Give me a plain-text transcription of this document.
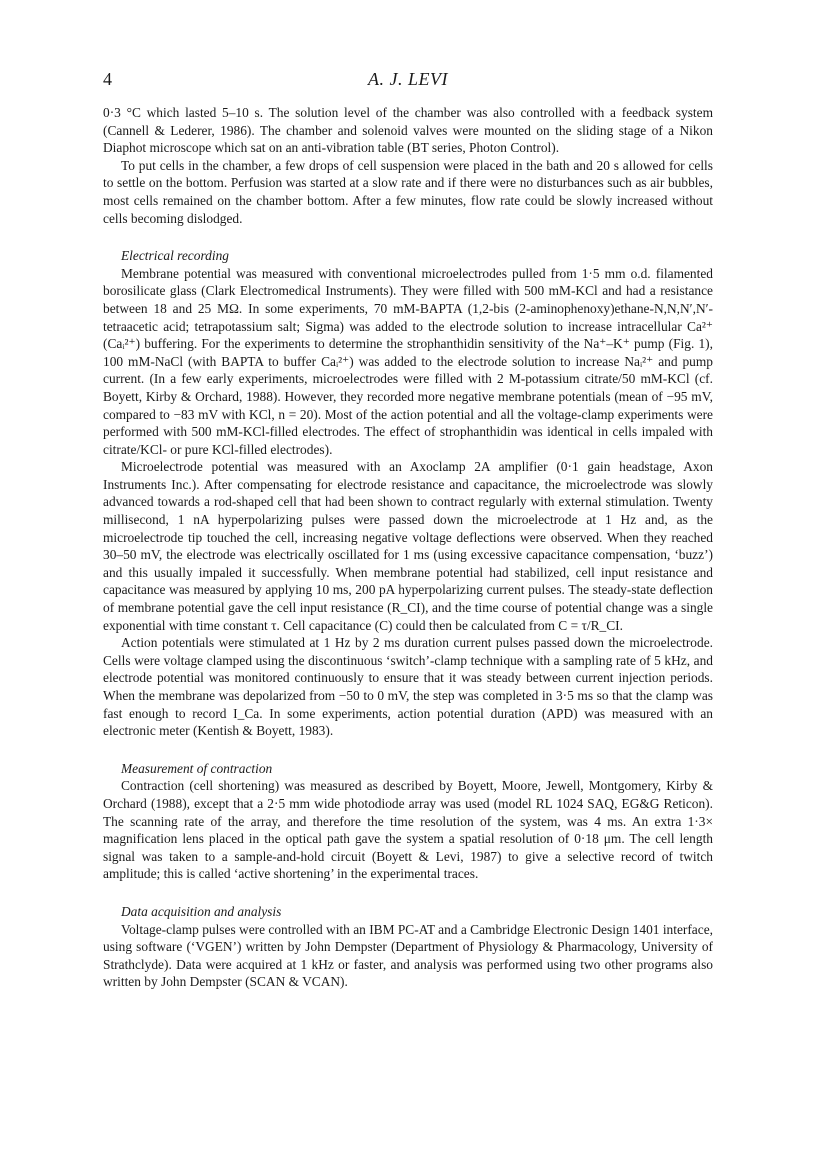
4	A. J. LEVI

0·3 °C which lasted 5–10 s. The solution level of the chamber was also controlled with a feedback system (Cannell & Lederer, 1986). The chamber and solenoid valves were mounted on the sliding stage of a Nikon Diaphot microscope which sat on an anti-vibration table (BT series, Photon Control).

To put cells in the chamber, a few drops of cell suspension were placed in the bath and 20 s allowed for cells to settle on the bottom. Perfusion was started at a slow rate and if there were no disturbances such as air bubbles, most cells remained on the chamber bottom. After a few minutes, flow rate could be slowly increased without cells becoming dislodged.

Electrical recording

Membrane potential was measured with conventional microelectrodes pulled from 1·5 mm o.d. filamented borosilicate glass (Clark Electromedical Instruments). They were filled with 500 mM-KCl and had a resistance between 18 and 25 MΩ. In some experiments, 70 mM-BAPTA (1,2-bis (2-aminophenoxy)ethane-N,N,N′,N′-tetraacetic acid; tetrapotassium salt; Sigma) was added to the electrode solution to increase intracellular Ca²⁺ (Caᵢ²⁺) buffering. For the experiments to determine the strophanthidin sensitivity of the Na⁺–K⁺ pump (Fig. 1), 100 mM-NaCl (with BAPTA to buffer Caᵢ²⁺) was added to the electrode solution to increase Naᵢ²⁺ and pump current. (In a few early experiments, microelectrodes were filled with 2 M-potassium citrate/50 mM-KCl (cf. Boyett, Kirby & Orchard, 1988). However, they recorded more negative membrane potentials (mean of −95 mV, compared to −83 mV with KCl, n = 20). Most of the action potential and all the voltage-clamp experiments were performed with 500 mM-KCl-filled electrodes. The effect of strophanthidin was identical in cells impaled with citrate/KCl- or pure KCl-filled electrodes).

Microelectrode potential was measured with an Axoclamp 2A amplifier (0·1 gain headstage, Axon Instruments Inc.). After compensating for electrode resistance and capacitance, the microelectrode was slowly advanced towards a rod-shaped cell that had been shown to contract regularly with external stimulation. Twenty millisecond, 1 nA hyperpolarizing pulses were passed down the microelectrode at 1 Hz and, as the microelectrode tip touched the cell, increasing negative voltage deflections were observed. When they reached 30–50 mV, the electrode was electrically oscillated for 1 ms (using excessive capacitance compensation, ‘buzz’) and this usually impaled it successfully. When membrane potential had stabilized, cell input resistance and capacitance was measured by applying 10 ms, 200 pA hyperpolarizing current pulses. The steady-state deflection of membrane potential gave the cell input resistance (R_CI), and the time course of potential change was a single exponential with time constant τ. Cell capacitance (C) could then be calculated from C = τ/R_CI.

Action potentials were stimulated at 1 Hz by 2 ms duration current pulses passed down the microelectrode. Cells were voltage clamped using the discontinuous ‘switch’-clamp technique with a sampling rate of 5 kHz, and electrode potential was monitored continuously to ensure that it was steady between current injection periods. When the membrane was depolarized from −50 to 0 mV, the step was completed in 3·5 ms so that the clamp was fast enough to record I_Ca. In some experiments, action potential duration (APD) was measured with an electronic meter (Kentish & Boyett, 1983).

Measurement of contraction

Contraction (cell shortening) was measured as described by Boyett, Moore, Jewell, Montgomery, Kirby & Orchard (1988), except that a 2·5 mm wide photodiode array was used (model RL 1024 SAQ, EG&G Reticon). The scanning rate of the array, and therefore the time resolution of the system, was 4 ms. An extra 1·3× magnification lens placed in the optical path gave the system a spatial resolution of 0·18 μm. The cell length signal was taken to a sample-and-hold circuit (Boyett & Levi, 1987) to give a selective record of twitch amplitude; this is called ‘active shortening’ in the experimental traces.

Data acquisition and analysis

Voltage-clamp pulses were controlled with an IBM PC-AT and a Cambridge Electronic Design 1401 interface, using software (‘VGEN’) written by John Dempster (Department of Physiology & Pharmacology, University of Strathclyde). Data were acquired at 1 kHz or faster, and analysis was performed using two other programs also written by John Dempster (SCAN & VCAN).
